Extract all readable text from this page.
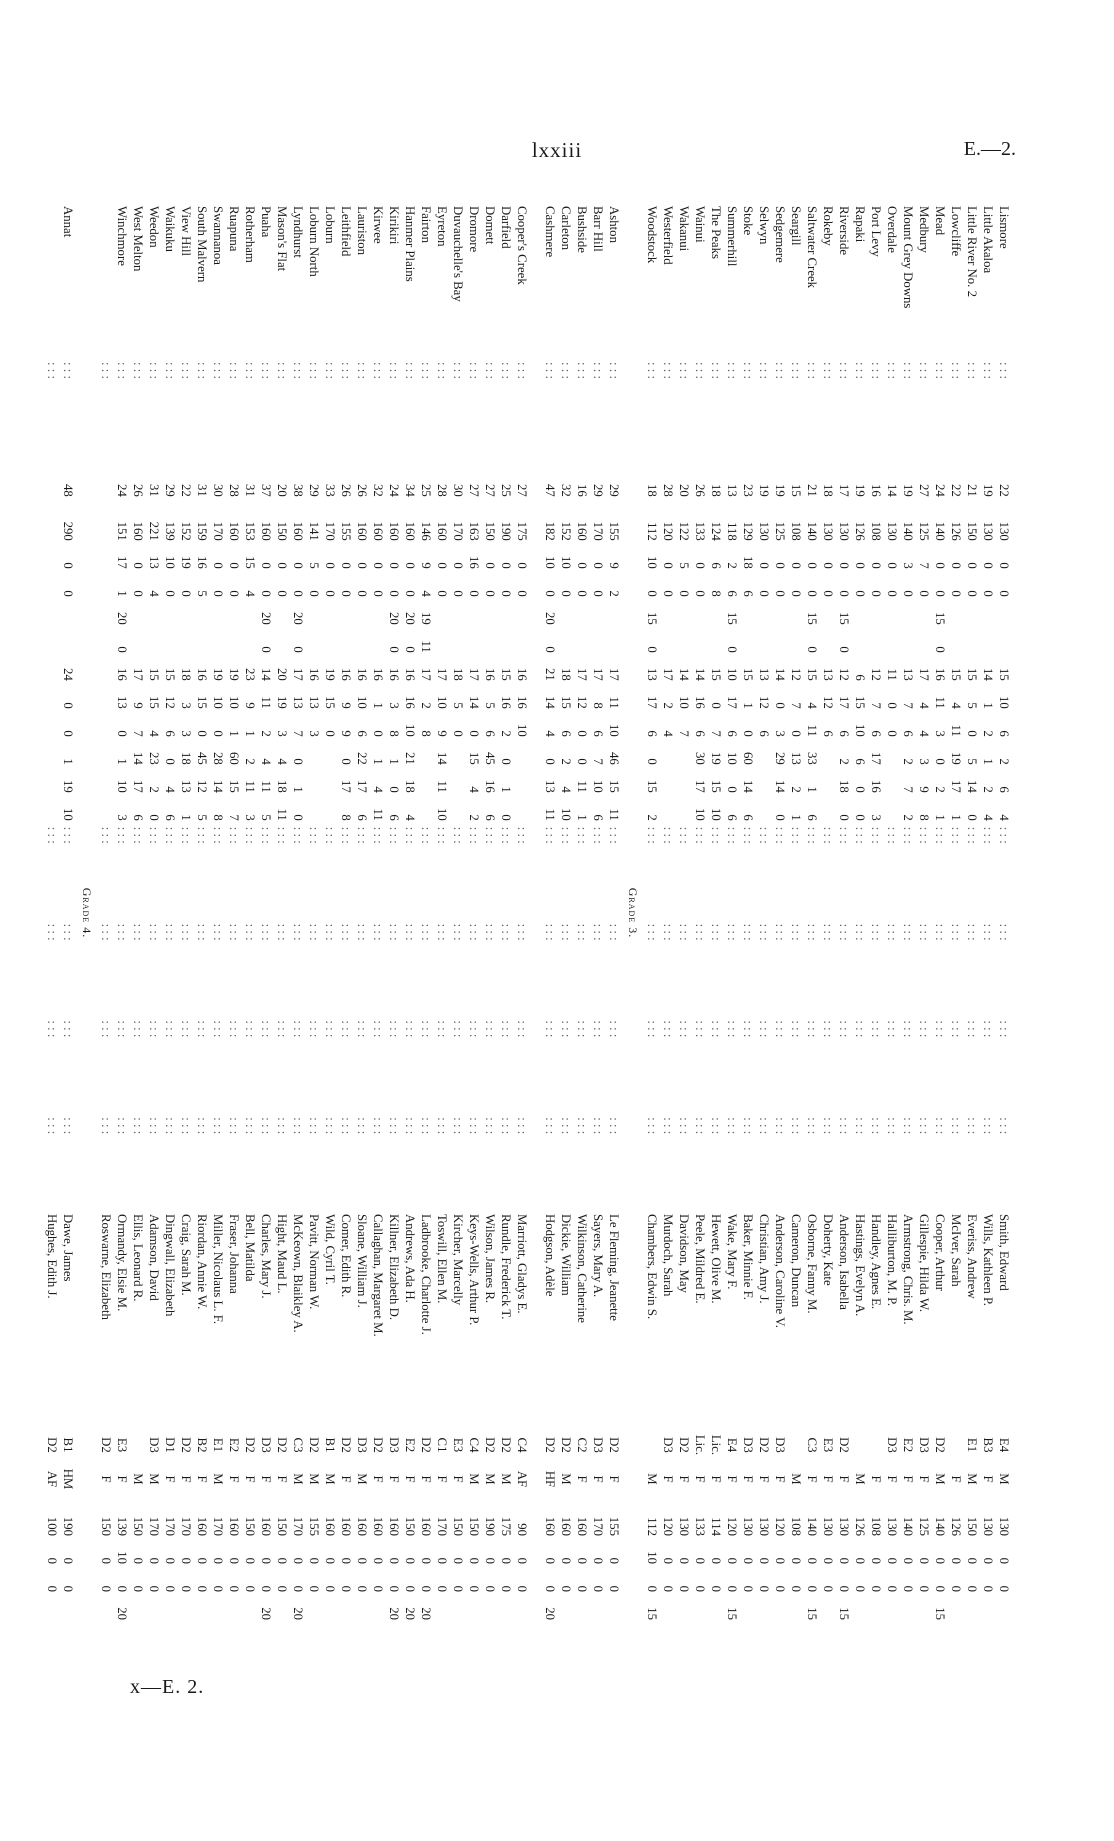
lxxiii	E.—2.
Lismore	: : :	22	130	0	0			15	10	6	2	6	4	: : :	: : :	: : :	: : :	Smith, Edward	E4	M	130	0	0	
Little Akaloa	: : :	19	130	0	0			14	1	2	1	2	4	: : :	: : :	: : :	: : :	Wills, Kathleen P.	B3	F	130	0	0	
Little River No. 2	: : :	21	150	0	0			15	5	0	5	14	0	: : :	: : :	: : :	: : :	Everiss, Andrew	E1	M	150	0	0	
Lowcliffe	: : :	22	126	0	0			15	4	11	19	17	1	: : :	: : :	: : :	: : :	McIver, Sarah		F	126	0	0	
Mead	: : :	24	140	0	0	15	0	16	11	3	0	2	1	: : :	: : :	: : :	: : :	Cooper, Arthur	D2	M	140	0	0	15
Medbury	: : :	27	125	7	0			17	4	4	3	9	8	: : :	: : :	: : :	: : :	Gillespie, Hilda W.	D3	F	125	0	0	
Mount Grey Downs	: : :	19	140	3	0			13	7	6	2	7	2	: : :	: : :	: : :	: : :	Armstrong, Chris. M.	E2	F	140	0	0	
Overdale	: : :	14	130	0	0			11	0	0				: : :	: : :	: : :	: : :	Halliburton, M. P.	D3	F	130	0	0	
Port Levy	: : :	16	108	0	0			12	7	6	17	16	3	: : :	: : :	: : :	: : :	Handley, Agnes E.		F	108	0	0	
Rapaki	: : :	19	126	0	0			6	15	10	6	0	0	: : :	: : :	: : :	: : :	Hastings, Evelyn A.		M	126	0	0	
Riverside	: : :	17	130	0	0	15	0	12	17	6	2	18	0	: : :	: : :	: : :	: : :	Anderson, Isabella	D2	F	130	0	0	15
Rokeby	: : :	18	130	0	0			13	12	6				: : :	: : :	: : :	: : :	Doherty, Kate	E3	F	130	0	0	
Saltwater Creek	: : :	21	140	0	0	15	0	15	4	11	33	1	6	: : :	: : :	: : :	: : :	Osborne, Fanny M.	C3	F	140	0	0	15
Seargill	: : :	15	108	0	0			12	7	0	13	2	1	: : :	: : :	: : :	: : :	Cameron, Duncan		M	108	0	0	
Sedgemere	: : :	19	125	0	0			14	0	3	29	14	0	: : :	: : :	: : :	: : :	Anderson, Caroline V.	D3	F	120	0	0	
Selwyn	: : :	19	130	0	0			13	12	6				: : :	: : :	: : :	: : :	Christian, Amy J.	D2	F	130	0	0	
Stoke	: : :	23	129	18	6			15	1	0	60	14	6	: : :	: : :	: : :	: : :	Baker, Minnie F.	D3	F	130	0	0	
Summerhill	: : :	13	118	2	6	15	0	10	17	6	10	0	6	: : :	: : :	: : :	: : :	Wake, Mary F.	E4	F	120	0	0	15
The Peaks	: : :	18	124	6	8			15	0	7	19	15	10	: : :	: : :	: : :	: : :	Hewett, Olive M.	Lic.	F	114	0	0	
Wainui	: : :	26	133	0	0			14	16	6	30	17	10	: : :	: : :	: : :	: : :	Peele, Mildred E.	Lic.	F	133	0	0	
Wakanui	: : :	20	122	5	0			14	10	7				: : :	: : :	: : :	: : :	Davidson, May	D2	F	130	0	0	
Westerfield	: : :	28	120	0	0			17	2	4				: : :	: : :	: : :	: : :	Murdoch, Sarah	D3	F	120	0	0	
Woodstock	: : :	18	112	10	0	15	0	13	17	6	0	15	2	: : :	: : :	: : :	: : :	Chambers, Edwin S.		M	112	10	0	15
Grade 3.																								
Ashton	: : :	29	155	9	2			17	11	10	46	15	11	: : :	: : :	: : :	: : :	Le Fleming, Jeanette	D2	F	155	0	0	
Barr Hill	: : :	29	170	0	0			17	8	6	7	10	6	: : :	: : :	: : :	: : :	Sayers, Mary A.	D3	F	170	0	0	
Bushside	: : :	16	160	0	0			17	12	0	0	11	1	: : :	: : :	: : :	: : :	Wilkinson, Catherine	C2	F	160	0	0	
Carleton	: : :	32	152	10	0			18	15	6	2	4	10	: : :	: : :	: : :	: : :	Dickie, William	D2	M	160	0	0	
Cashmere	: : :	47	182	10	0	20	0	21	14	4	0	13	11	: : :	: : :	: : :	: : :	Hodgson, Adèle	D2	HF	160	0	0	20

Cooper's Creek	: : :	27	175	0	0			16	16	10				: : :	: : :	: : :	: : :	Marriott, Gladys E.	C4	AF	90	0	0	
Darfield	: : :	25	190	0	0			15	16	2	0	1	0	: : :	: : :	: : :	: : :	Rundle, Frederick T.	D2	M	175	0	0	
Domett	: : :	27	150	0	0			16	5	6	45	16	6	: : :	: : :	: : :	: : :	Wilson, James R.	D2	M	190	0	0	
Dromore	: : :	27	163	16	0			17	14	0	15	4	2	: : :	: : :	: : :	: : :	Keys-Wells, Arthur P.	C4	M	150	0	0	
Duvauchelle's Bay	: : :	30	170	0	0			18	5	0				: : :	: : :	: : :	: : :	Kircher, Marcelly	E3	F	150	0	0	
Eyreton	: : :	28	160	0	0			17	10	9	14	11	10	: : :	: : :	: : :	: : :	Toswill, Ellen M.	C1	F	170	0	0	
Fairton	: : :	25	146	9	4	19	11	17	2	8				: : :	: : :	: : :	: : :	Ladbrooke, Charlotte J.	D2	F	160	0	0	20
Hanmer Plains	: : :	34	160	0	0	20	0	16	16	10	21	18	4	: : :	: : :	: : :	: : :	Andrews, Ada H.	E2	F	150	0	0	20
Kirikiri	: : :	24	160	0	0	20	0	16	3	8	1	0	6	: : :	: : :	: : :	: : :	Killner, Elizabeth D.	D3	F	160	0	0	20
Kirwee	: : :	32	160	0	0			16	1	0	1	4	11	: : :	: : :	: : :	: : :	Callaghan, Margaret M.	D2	F	160	0	0	
Lauriston	: : :	26	160	0	0			16	10	6	22	17	6	: : :	: : :	: : :	: : :	Sloane, William J.	D3	M	160	0	0	
Leithfield	: : :	26	155	0	0			16	9	9	0	17	8	: : :	: : :	: : :	: : :	Comer, Edith R.	D2	F	160	0	0	
Loburn	: : :	33	170	0	0			19	15	0				: : :	: : :	: : :	: : :	Wild, Cyril T.	B1	M	160	0	0	
Loburn North	: : :	29	141	5	0			16	13	3				: : :	: : :	: : :	: : :	Pavitt, Norman W.	D2	M	155	0	0	
Lyndhurst	: : :	38	160	0	0	20	0	17	13	7	0	1	0	: : :	: : :	: : :	: : :	McKeown, Blaikley A.	C3	M	170	0	0	20
Mason's Flat	: : :	20	150	0	0			20	19	3	4	18	11	: : :	: : :	: : :	: : :	Hight, Maud L.	D2	F	150	0	0	
Puaha	: : :	37	160	0	0	20	0	14	11	2	4	11	5	: : :	: : :	: : :	: : :	Charles, Mary J.	D3	F	160	0	0	20
Rotherham	: : :	31	153	15	4			23	9	1	2	11	3	: : :	: : :	: : :	: : :	Bell, Matilda	D2	F	150	0	0	
Ruapuna	: : :	28	160	0	0			19	10	1	60	15	7	: : :	: : :	: : :	: : :	Fraser, Johanna	E2	F	160	0	0	
Swannanoa	: : :	30	170	0	0			19	10	0	28	14	8	: : :	: : :	: : :	: : :	Miller, Nicolaus L. F.	E1	M	170	0	0	
South Malvern	: : :	31	159	16	5			16	15	0	45	12	5	: : :	: : :	: : :	: : :	Riordan, Annie W.	B2	F	160	0	0	
View Hill	: : :	22	152	19	0			18	3	3	18	13	1	: : :	: : :	: : :	: : :	Craig, Sarah M.	D2	F	170	0	0	
Waikuku	: : :	29	139	10	0			15	12	6	0	4	6	: : :	: : :	: : :	: : :	Dingwall, Elizabeth	D1	F	170	0	0	
Weedon	: : :	31	221	13	4			15	15	4	23	2	0	: : :	: : :	: : :	: : :	Adamson, David	D3	M	170	0	0	
West Melton	: : :	26	160	0	0			17	9	7	14	17	6	: : :	: : :	: : :	: : :	Ellis, Leonard R.		M	150	0	0	
Winchmore	: : :	24	151	17	1	20	0	16	13	0	1	10	3	: : :	: : :	: : :	: : :	Ormandy, Elsie M.	E3	F	139	10	0	20
	: : :													: : :	: : :	: : :	: : :	Roswarne, Elizabeth	D2	F	150	0	0	
Grade 4.																								
Annat	: : :	48	290	0	0			24	0	0	1	19	10	: : :	: : :	: : :	: : :	Dawe, James	B1	HM	190	0	0	
	: : :													: : :	: : :	: : :	: : :	Hughes, Edith J.	D2	AF	100	0	0	
x—E. 2.
